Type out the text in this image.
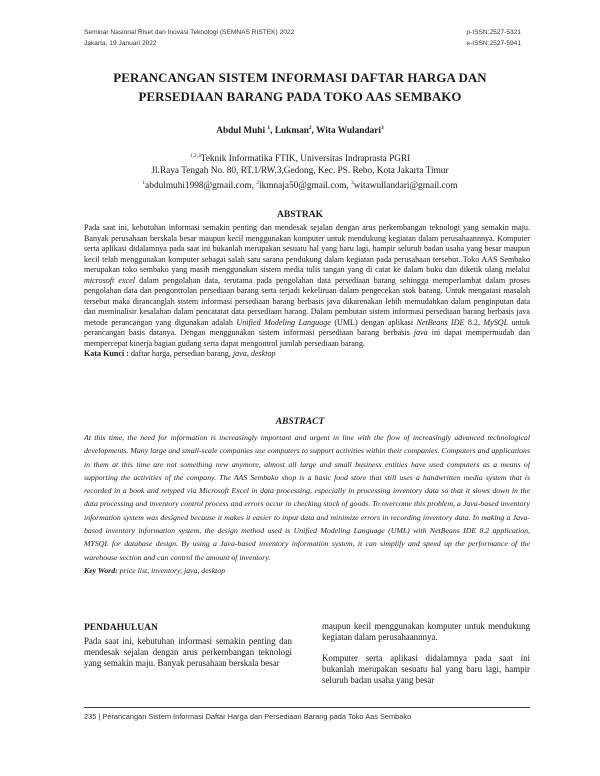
Seminar Nasional Riset dan Inovasi Teknologi (SEMNAS RISTEK) 2022
Jakarta, 19 Januari 2022
p-ISSN:2527-5321
e-ISSN:2527-5941
PERANCANGAN SISTEM INFORMASI DAFTAR HARGA DAN
PERSEDIAAN BARANG PADA TOKO AAS SEMBAKO
Abdul Muhi $^1$, Lukman$^2$, Wita Wulandari$^3$
$^{1,2,3}$Teknik Informatika FTIK, Universitas Indraprasta PGRI
Jl.Raya Tengah No. 80, RT.1/RW.3,Gedong, Kec. PS. Rebo, Kota Jakarta Timur
$^1$abdulmuhi1998@gmail.com, $^2$lkmnaja50@gmail.com, $^3$witawullandari@gmail.com
ABSTRAK

Pada saat ini, kebutuhan informasi semakin penting dan mendesak sejalan dengan arus perkembangan teknologi yang semakin maju. Banyak perusahaan berskala besar maupun kecil menggunakan komputer untuk mendukung kegiatan dalam perusahaannnya. Komputer serta aplikasi didalamnya pada saat ini bukanlah merupakan sesuatu hal yang baru lagi, hampir seluruh badan usaha yang besar maupun kecil telah menggunakan komputer sebagai salah satu sarana pendukung dalam kegiatan pada perusahaan tersebut. Toko AAS Sembako merupakan toko sembako yang masih menggunakan sistem media tulis tangan yang di catat ke dalam buku dan diketik ulang melalui microsoft excel dalam pengolahan data, terutama pada pengolahan data persediaan barang sehingga memperlambat dalam proses pengolahan data dan pengontrolan persediaan barang serta terjadi kekeliruan dalam pengecekan stok barang. Untuk mengatasi masalah tersebut maka dirancanglah sistem informasi persediaan barang berbasis java dikarenakan lebih memudahkan dalam penginputan data dan meminalisir kesalahan dalam pencatatat data persediaan barang. Dalam pembutan sistem informasi persediaan barang berbasis java metode perancangan yang digunakan adalah Unified Modeling Language (UML) dengan aplikasi NetBeans IDE 8.2, MySQL untuk perancangan basis datanya. Dengan menggunakan sistem informasi persediaan barang berbasis java ini dapat mempermudah dan mempercepat kinerja bagian gudang serta dapat mengontrol jumlah persediaan barang.

Kata Kunci : daftar harga, persedian barang, java, desktop

ABSTRACT

At this time, the need for information is increasingly important and urgent in line with the flow of increasingly advanced technological developments. Many large and small-scale companies use computers to support activities within their companies. Computers and applications in them at this time are not something new anymore, almost all large and small business entities have used computers as a means of supporting the activities of the company. The AAS Sembako shop is a basic food store that still uses a handwritten media system that is recorded in a book and retyped via Microsoft Excel in data processing, especially in processing inventory data so that it slows down in the data processing and inventory control process and errors occur in checking stock of goods. To overcome this problem, a Java-based inventory information system was designed because it makes it easier to input data and minimize errors in recording inventory data. In making a Java-based inventory information system, the design method used is Unified Modeling Language (UML) with NetBeans IDE 8.2 application, MYSQL for database design. By using a Java-based inventory information system, it can simplify and speed up the performance of the warehouse section and can control the amount of inventory.

Key Word: price list, inventory, java, desktop

PENDAHULUAN

Pada saat ini, kebutuhan informasi semakin penting dan mendesak sejalan dengan arus perkembangan teknologi yang semakin maju. Banyak perusahaan berskala besar

maupun kecil menggunakan komputer untuk mendukung kegiatan dalam perusahaannnya.

Komputer serta aplikasi didalamnya pada saat ini bukanlah merupakan sesuatu hal yang baru lagi, hampir seluruh badan usaha yang besar

235 | Perancangan Sistem Informasi Daftar Harga dan Persediaan Barang pada Toko Aas Sembako
